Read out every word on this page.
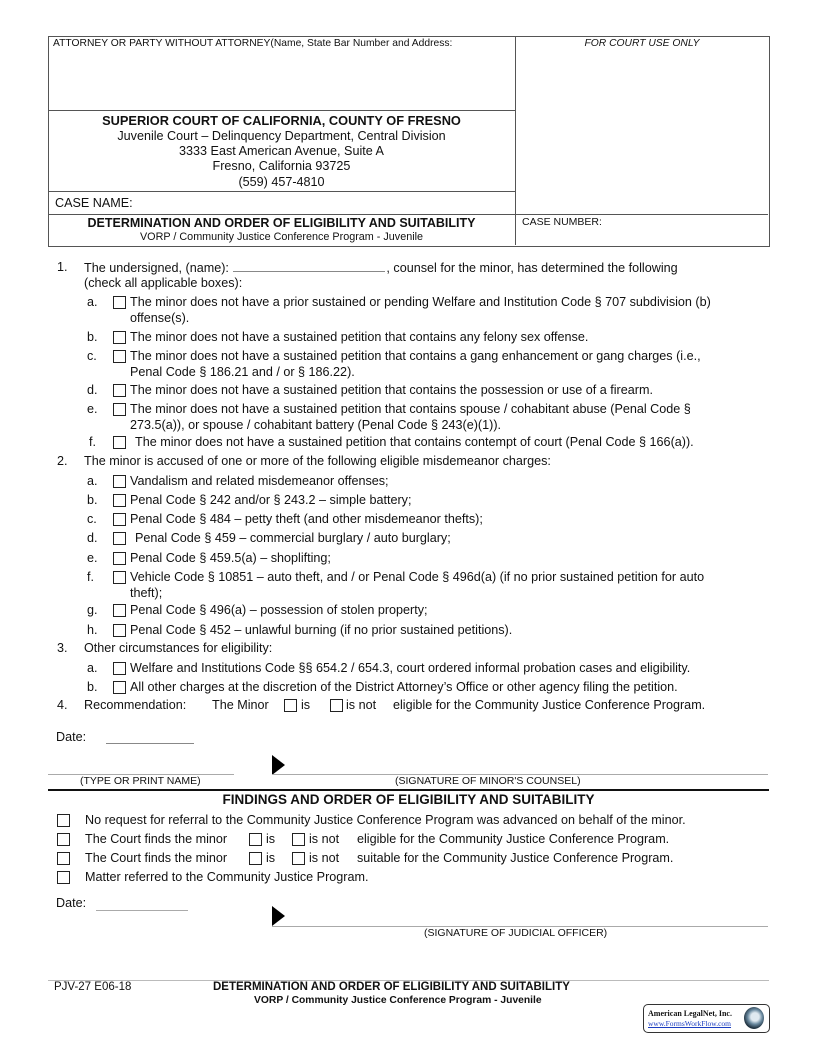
ATTORNEY OR PARTY WITHOUT ATTORNEY(Name, State Bar Number and Address:	FOR COURT USE ONLY
SUPERIOR COURT OF CALIFORNIA, COUNTY OF FRESNO
Juvenile Court – Delinquency Department, Central Division
3333 East American Avenue, Suite A
Fresno, California 93725
(559) 457-4810
CASE NAME:
DETERMINATION AND ORDER OF ELIGIBILITY AND SUITABILITY
VORP / Community Justice Conference Program - Juvenile
CASE NUMBER:
1. The undersigned, (name):	, counsel for the minor, has determined the following
(check all applicable boxes):
2. The minor is accused of one or more of the following eligible misdemeanor charges:
3. Other circumstances for eligibility:
a.	The minor does not have a prior sustained or pending Welfare and Institution Code § 707 subdivision (b)
offense(s).
b.	The minor does not have a sustained petition that contains any felony sex offense.
c.	The minor does not have a sustained petition that contains a gang enhancement or gang charges (i.e.,
Penal Code § 186.21 and / or § 186.22).
d.	The minor does not have a sustained petition that contains the possession or use of a firearm.
e.	The minor does not have a sustained petition that contains spouse / cohabitant abuse (Penal Code §
273.5(a)), or spouse / cohabitant battery (Penal Code § 243(e)(1)).
f.	The minor does not have a sustained petition that contains contempt of court (Penal Code § 166(a)).
a.	Vandalism and related misdemeanor offenses;
b.	Penal Code § 242 and/or § 243.2 – simple battery;
c.	Penal Code § 484 – petty theft (and other misdemeanor thefts);
d.	Penal Code § 459 – commercial burglary / auto burglary;
e.	Penal Code § 459.5(a) – shoplifting;
f.	Vehicle Code § 10851 – auto theft, and / or Penal Code § 496d(a) (if no prior sustained petition for auto
theft);
g.	Penal Code § 496(a) – possession of stolen property;
h.	Penal Code § 452 – unlawful burning (if no prior sustained petitions).
a.	Welfare and Institutions Code §§ 654.2 / 654.3, court ordered informal probation cases and eligibility.
b.	All other charges at the discretion of the District Attorney’s Office or other agency filing the petition.
4. Recommendation: The Minor	is	is not eligible for the Community Justice Conference Program.
Date:
(TYPE OR PRINT NAME)	(SIGNATURE OF MINOR'S COUNSEL)
FINDINGS AND ORDER OF ELIGIBILITY AND SUITABILITY
No request for referral to the Community Justice Conference Program was advanced on behalf of the minor.
The Court finds the minor	is	is not eligible for the Community Justice Conference Program.
The Court finds the minor	is	is not suitable for the Community Justice Conference Program.
Matter referred to the Community Justice Program.
Date:
(SIGNATURE OF JUDICIAL OFFICER)
PJV-27 E06-18	DETERMINATION AND ORDER OF ELIGIBILITY AND SUITABILITY
VORP / Community Justice Conference Program - Juvenile
American LegalNet, Inc.
www.FormsWorkFlow.com
